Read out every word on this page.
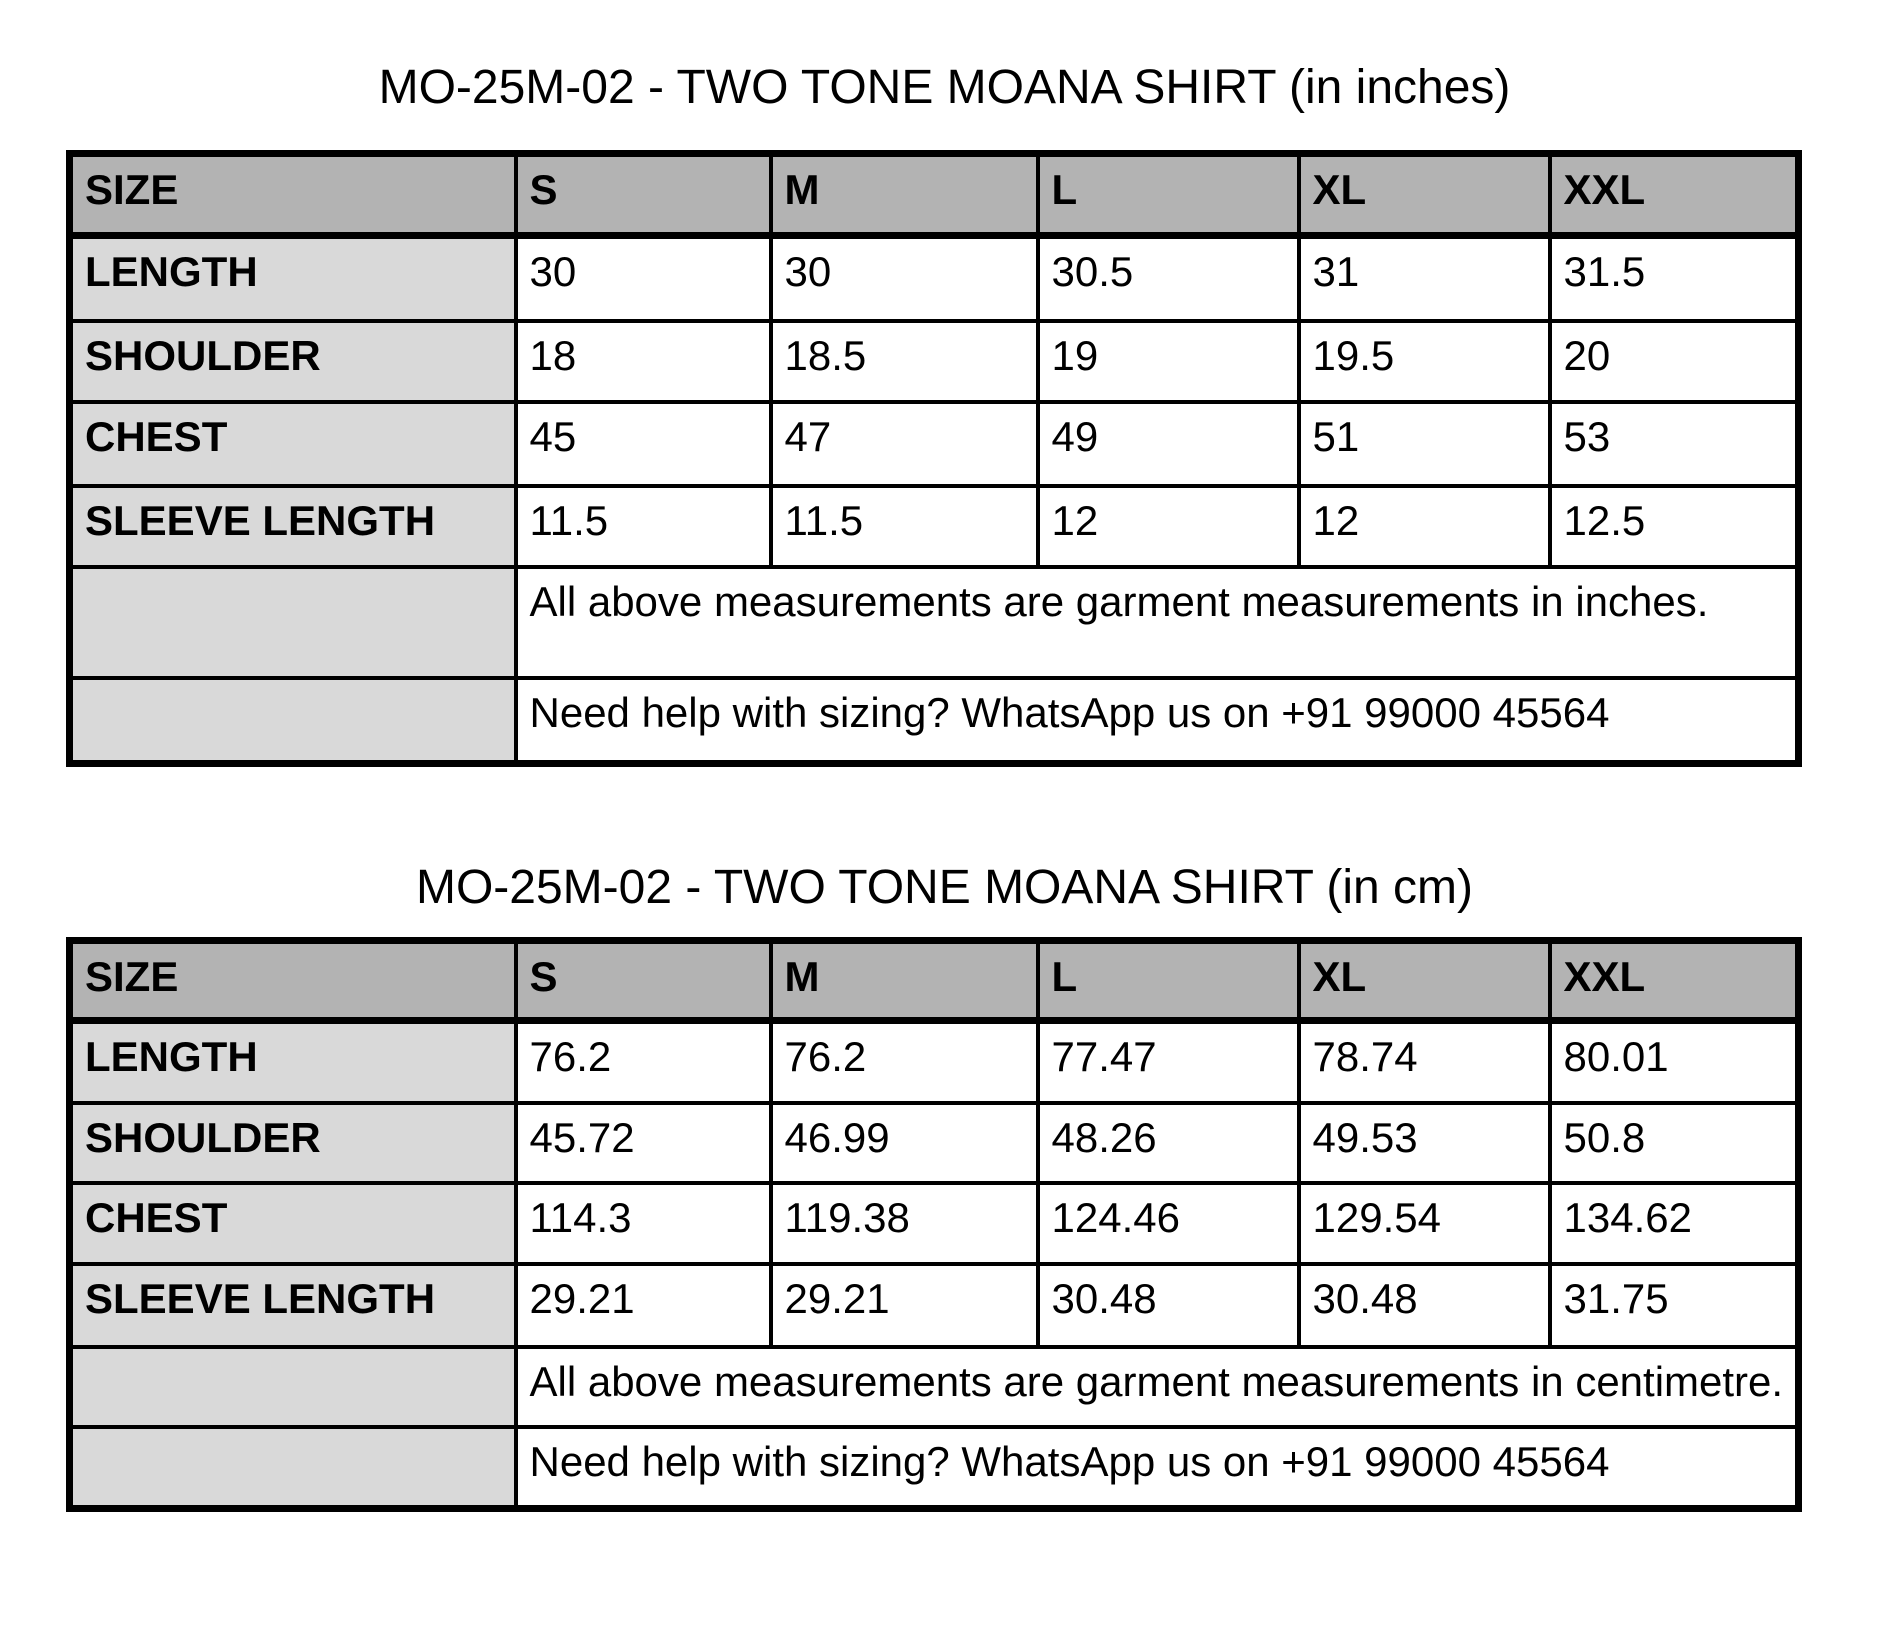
MO-25M-02 - TWO TONE MOANA SHIRT (in inches)
SIZE	S	M	L	XL	XXL
LENGTH	30	30	30.5	31	31.5
SHOULDER	18	18.5	19	19.5	20
CHEST	45	47	49	51	53
SLEEVE LENGTH	11.5	11.5	12	12	12.5
	All above measurements are garment measurements in inches.				
	Need help with sizing? WhatsApp us on +91 99000 45564				
MO-25M-02 - TWO TONE MOANA SHIRT (in cm)
SIZE	S	M	L	XL	XXL
LENGTH	76.2	76.2	77.47	78.74	80.01
SHOULDER	45.72	46.99	48.26	49.53	50.8
CHEST	114.3	119.38	124.46	129.54	134.62
SLEEVE LENGTH	29.21	29.21	30.48	30.48	31.75
	All above measurements are garment measurements in centimetre.				
	Need help with sizing? WhatsApp us on +91 99000 45564				
